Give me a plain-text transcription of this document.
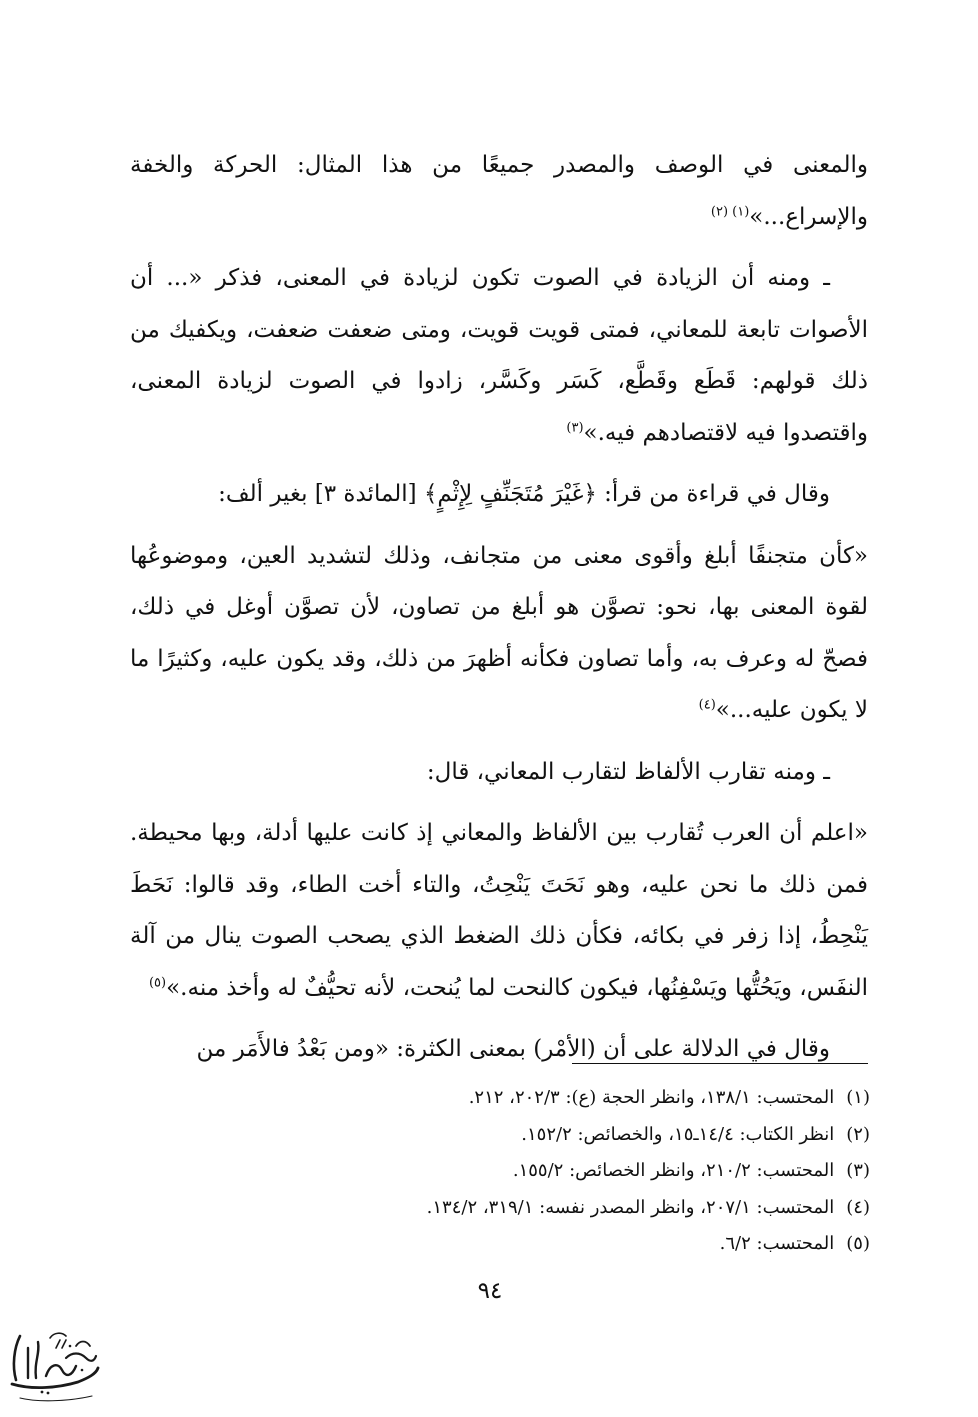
والمعنى في الوصف والمصدر جميعًا من هذا المثال: الحركة والخفة والإسراع...»$^{(١) (٢)}$

ـ ومنه أن الزيادة في الصوت تكون لزيادة في المعنى، فذكر «... أن الأصوات تابعة للمعاني، فمتى قويت قويت، ومتى ضعفت ضعفت، ويكفيك من ذلك قولهم: قَطَع وقَطَّع، كَسَر وكَسَّر، زادوا في الصوت لزيادة المعنى، واقتصدوا فيه لاقتصادهم فيه.»$^{(٣)}$

وقال في قراءة من قرأ: ﴿غَيْرَ مُتَجَنِّفٍ لِإِثْمٍ﴾ [المائدة ٣] بغير ألف:

«كأن متجنفًا أبلغ وأقوى معنى من متجانف، وذلك لتشديد العين، وموضوعُها لقوة المعنى بها، نحو: تصوَّن هو أبلغ من تصاون، لأن تصوَّن أوغل في ذلك، فصحّ له وعرف به، وأما تصاون فكأنه أظهرَ من ذلك، وقد يكون عليه، وكثيرًا ما لا يكون عليه...»$^{(٤)}$

ـ ومنه تقارب الألفاظ لتقارب المعاني، قال:

«اعلم أن العرب تُقارب بين الألفاظ والمعاني إذ كانت عليها أدلة، وبها محيطة. فمن ذلك ما نحن عليه، وهو نَحَتَ يَنْحِتُ، والتاء أخت الطاء، وقد قالوا: نَحَطَ يَنْحِطُ، إذا زفر في بكائه، فكأن ذلك الضغط الذي يصحب الصوت ينال من آلة النفَس، ويَحُتُّها ويَسْفِنُها، فيكون كالنحت لما يُنحت، لأنه تحيُّفٌ له وأخذ منه.»$^{(٥)}$

وقال في الدلالة على أن (الأمْر) بمعنى الكثرة: «ومن بَعْدُ فالأَمَر من

(١)المحتسب: ١٣٨/١، وانظر الحجة (ع): ٢٠٢/٣، ٢١٢.
(٢)انظر الكتاب: ١٤/٤ـ١٥، والخصائص: ١٥٢/٢.
(٣)المحتسب: ٢١٠/٢، وانظر الخصائص: ١٥٥/٢.
(٤)المحتسب: ٢٠٧/١، وانظر المصدر نفسه: ٣١٩/١، ١٣٤/٢.
(٥)المحتسب: ٦/٢.
٩٤
